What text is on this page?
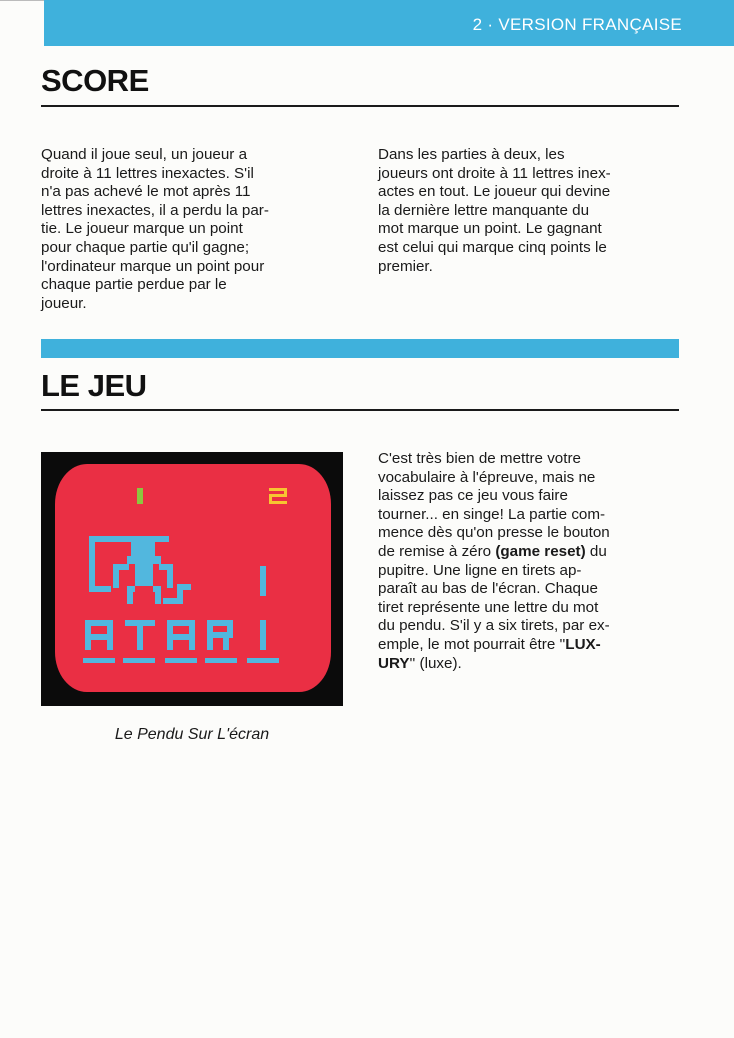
2 · VERSION FRANÇAISE
SCORE
Quand il joue seul, un joueur a
droite à 11 lettres inexactes. S'il
n'a pas achevé le mot après 11
lettres inexactes, il a perdu la par-
tie. Le joueur marque un point
pour chaque partie qu'il gagne;
l'ordinateur marque un point pour
chaque partie perdue par le
joueur.
Dans les parties à deux, les
joueurs ont droite à 11 lettres inex-
actes en tout. Le joueur qui devine
la dernière lettre manquante du
mot marque un point. Le gagnant
est celui qui marque cinq points le
premier.
LE JEU
C'est très bien de mettre votre
vocabulaire à l'épreuve, mais ne
laissez pas ce jeu vous faire
tourner... en singe! La partie com-
mence dès qu'on presse le bouton
de remise à zéro (game reset) du
pupitre. Une ligne en tirets ap-
paraît au bas de l'écran. Chaque
tiret représente une lettre du mot
du pendu. S'il y a six tirets, par ex-
emple, le mot pourrait être ''LUX-
URY'' (luxe).
Le Pendu Sur L'écran
